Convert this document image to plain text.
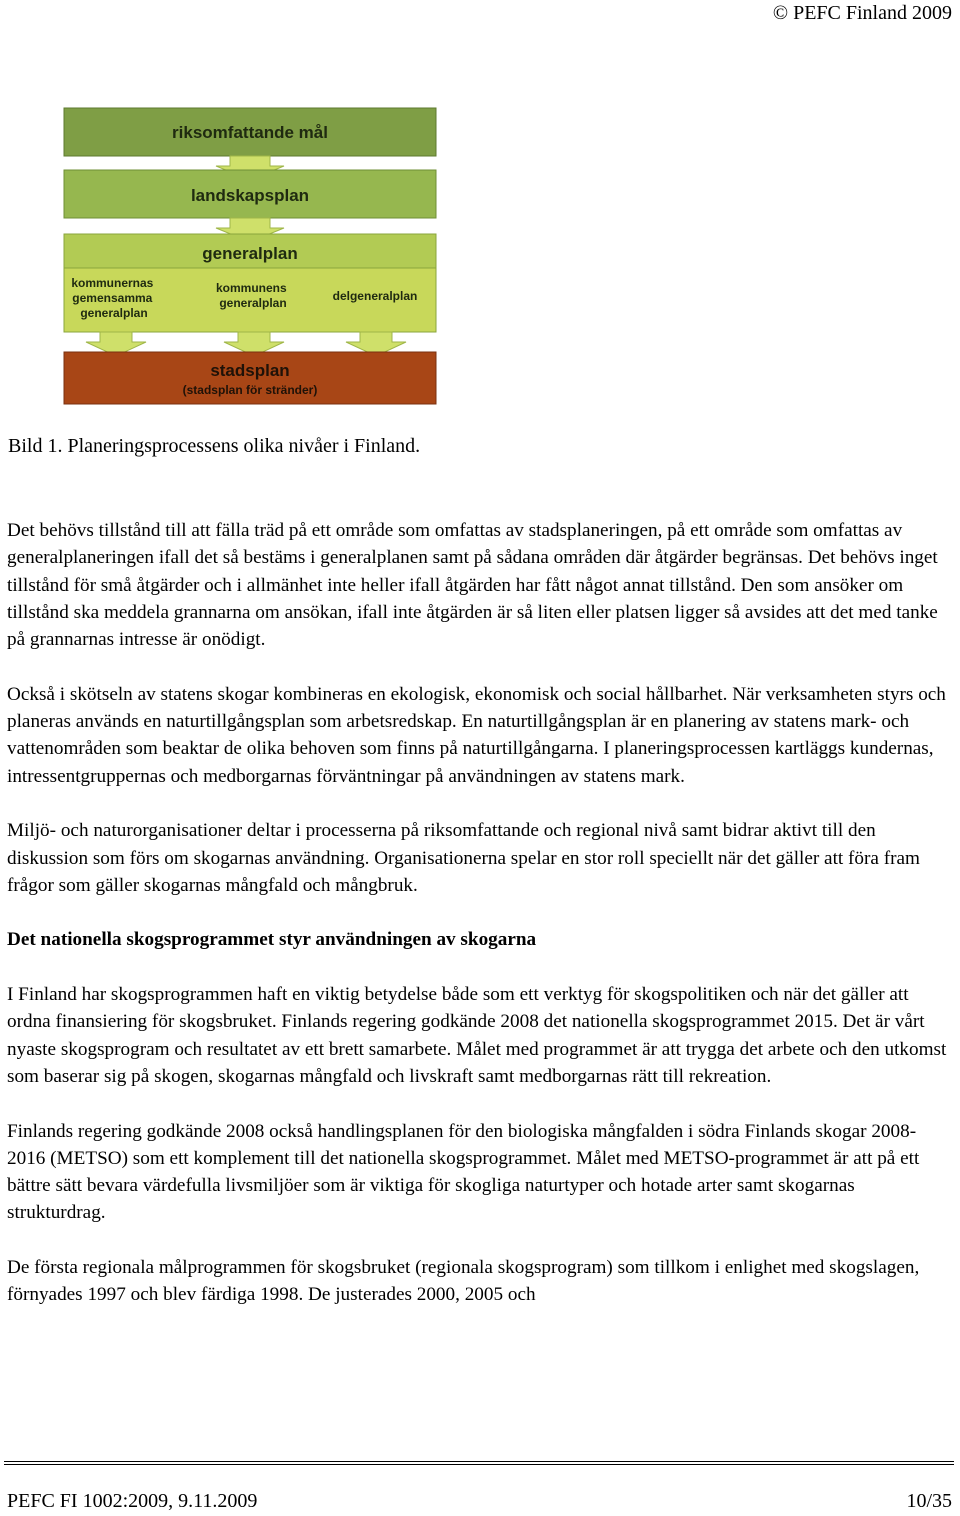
© PEFC Finland 2009
riksomfattande mål
landskapsplan
generalplan
kommunernas gemensamma generalplan
kommunens generalplan	delgeneralplan
stadsplan
(stadsplan för stränder)
Bild 1. Planeringsprocessens olika nivåer i Finland.

Det behövs tillstånd till att fälla träd på ett område som omfattas av stadsplaneringen, på ett område som omfattas av generalplaneringen ifall det så bestäms i generalplanen samt på sådana områden där åtgärder begränsas. Det behövs inget tillstånd för små åtgärder och i allmänhet inte heller ifall åtgärden har fått något annat tillstånd. Den som ansöker om tillstånd ska meddela grannarna om ansökan, ifall inte åtgärden är så liten eller platsen ligger så avsides att det med tanke på grannarnas intresse är onödigt.

Också i skötseln av statens skogar kombineras en ekologisk, ekonomisk och social hållbarhet. När verksamheten styrs och planeras används en naturtillgångsplan som arbetsredskap. En naturtillgångsplan är en planering av statens mark- och vattenområden som beaktar de olika behoven som finns på naturtillgångarna. I planeringsprocessen kartläggs kundernas, intressentgruppernas och medborgarnas förväntningar på användningen av statens mark.

Miljö- och naturorganisationer deltar i processerna på riksomfattande och regional nivå samt bidrar aktivt till den diskussion som förs om skogarnas användning. Organisationerna spelar en stor roll speciellt när det gäller att föra fram frågor som gäller skogarnas mångfald och mångbruk.

Det nationella skogsprogrammet styr användningen av skogarna

I Finland har skogsprogrammen haft en viktig betydelse både som ett verktyg för skogspolitiken och när det gäller att ordna finansiering för skogsbruket. Finlands regering godkände 2008 det nationella skogsprogrammet 2015. Det är vårt nyaste skogsprogram och resultatet av ett brett samarbete. Målet med programmet är att trygga det arbete och den utkomst som baserar sig på skogen, skogarnas mångfald och livskraft samt medborgarnas rätt till rekreation.

Finlands regering godkände 2008 också handlingsplanen för den biologiska mångfalden i södra Finlands skogar 2008-2016 (METSO) som ett komplement till det nationella skogsprogrammet. Målet med METSO-programmet är att på ett bättre sätt bevara värdefulla livsmiljöer som är viktiga för skogliga naturtyper och hotade arter samt skogarnas strukturdrag.

De första regionala målprogrammen för skogsbruket (regionala skogsprogram) som tillkom i enlighet med skogslagen, förnyades 1997 och blev färdiga 1998. De justerades 2000, 2005 och

PEFC FI 1002:2009, 9.11.2009	10/35
